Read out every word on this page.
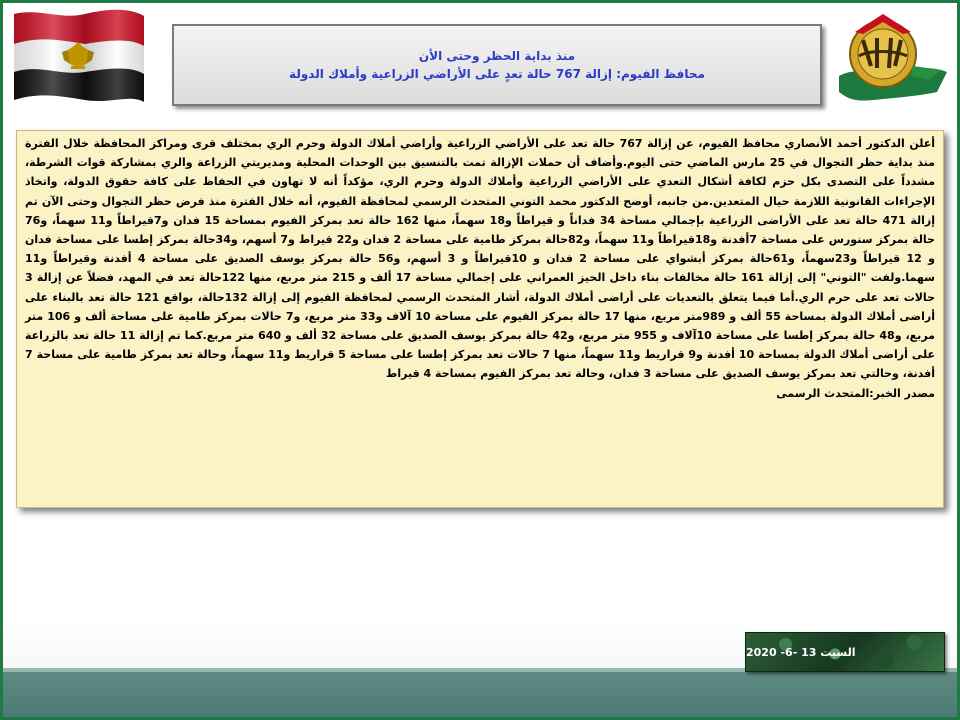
منذ بداية الحظر وحتى الأن
محافظ الفيوم: إزالة 767 حالة تعدٍ على الأراضي الزراعية وأملاك الدولة
أعلن الدكتور أحمد الأنصاري محافظ الفيوم، عن إزالة 767 حالة تعد على الأراضي الزراعية وأراضي أملاك الدولة وحرم الري بمختلف قرى ومراكز المحافظة خلال الفترة منذ بداية حظر التجوال في 25 مارس الماضي حتى اليوم.وأضاف أن حملات الإزالة تمت بالتنسيق بين الوحدات المحلية ومديريتي الزراعة والري بمشاركة قوات الشرطة، مشدداً على التصدى بكل حزم لكافة أشكال التعدي على الأراضي الزراعية وأملاك الدولة وحرم الري، مؤكداً أنه لا تهاون في الحفاظ على كافة حقوق الدولة، واتخاذ الإجراءات القانونية اللازمة حيال المتعدين.من جانبه، أوضح الدكتور محمد التوني المتحدث الرسمي لمحافظة الفيوم، أنه خلال الفترة منذ فرض حظر التجوال وحتى الآن تم إزالة 471 حالة تعد على الأراضى الزراعية بإجمالي مساحة 34 فداناً و قيراطاً و18 سهماً، منها 162 حالة تعد بمركز الفيوم بمساحة 15 فدان و7قيراطاً و11 سهماً، و76 حالة بمركز سنورس على مساحة 7أفدنة و18قيراطاً و11 سهماً، و82حالة بمركز طامية على مساحة 2 فدان و22 قيراط و7 أسهم، و34حالة بمركز إطسا على مساحة فدان و 12 قيراطاً و23سهماً، و61حالة بمركز أبشواي على مساحة 2 فدان و 10قيراطاً و 3 أسهم، و56 حالة بمركز يوسف الصديق على مساحة 4 أفدنة وقيراطاً و11 سهما.ولفت "التوني" إلى إزالة 161 حالة مخالفات بناء داخل الحيز العمراني على إجمالي مساحة 17 ألف و 215 متر مربع، منها 122حالة تعد في المهد، فضلاً عن إزالة 3 حالات تعد على حرم الري.أما فيما يتعلق بالتعديات على أراضى أملاك الدولة، أشار المتحدث الرسمي لمحافظة الفيوم إلى إزالة 132حالة، بواقع 121 حالة تعد بالبناء على أراضى أملاك الدولة بمساحة 55 ألف و 989متر مربع، منها 17 حالة بمركز الفيوم على مساحة 10 آلاف و33 متر مربع، و7 حالات بمركز طامية على مساحة ألف و 106 متر مربع، و48 حالة بمركز إطسا على مساحة 10آلاف و 955 متر مربع، و42 حالة بمركز يوسف الصديق على مساحة 32 ألف و 640 متر مربع.كما تم إزالة 11 حالة تعد بالزراعة على أراضى أملاك الدولة بمساحة 10 أفدنة و9 قراريط و11 سهماً، منها 7 حالات تعد بمركز إطسا على مساحة 5 قراريط و11 سهماً، وحالة تعد بمركز طامية على مساحة 7 أفدنة، وحالتي تعد بمركز يوسف الصديق على مساحة 3 فدان، وحالة تعد بمركز الفيوم بمساحة 4 قيراط
مصدر الخبر:المتحدث الرسمى
السبت 13 -6- 2020
